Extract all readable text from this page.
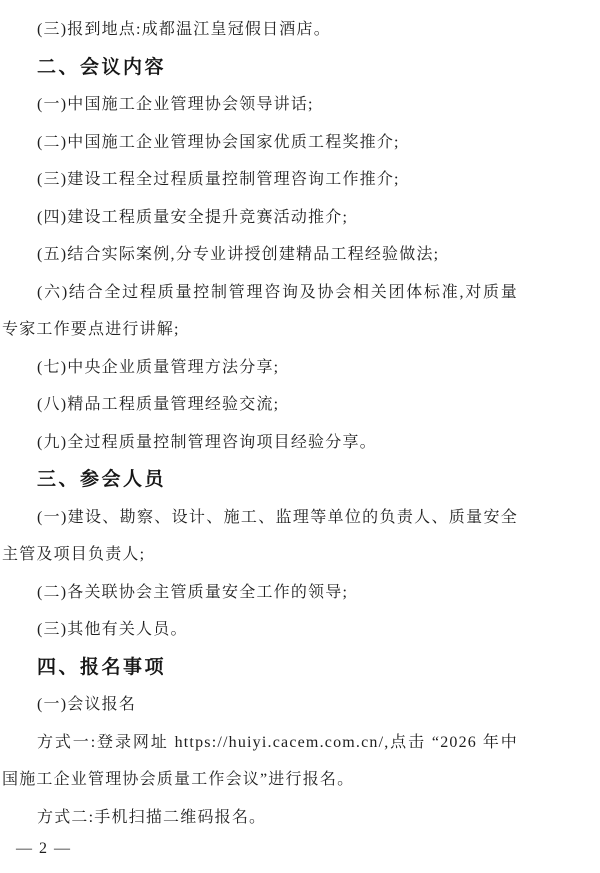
(三)报到地点:成都温江皇冠假日酒店。

二、会议内容

(一)中国施工企业管理协会领导讲话;

(二)中国施工企业管理协会国家优质工程奖推介;

(三)建设工程全过程质量控制管理咨询工作推介;

(四)建设工程质量安全提升竞赛活动推介;

(五)结合实际案例,分专业讲授创建精品工程经验做法;

(六)结合全过程质量控制管理咨询及协会相关团体标准,对质量专家工作要点进行讲解;

(七)中央企业质量管理方法分享;

(八)精品工程质量管理经验交流;

(九)全过程质量控制管理咨询项目经验分享。

三、参会人员

(一)建设、勘察、设计、施工、监理等单位的负责人、质量安全主管及项目负责人;

(二)各关联协会主管质量安全工作的领导;

(三)其他有关人员。

四、报名事项

(一)会议报名

方式一:登录网址 https://huiyi.cacem.com.cn/,点击 “2026 年中国施工企业管理协会质量工作会议”进行报名。

方式二:手机扫描二维码报名。

— 2 —
